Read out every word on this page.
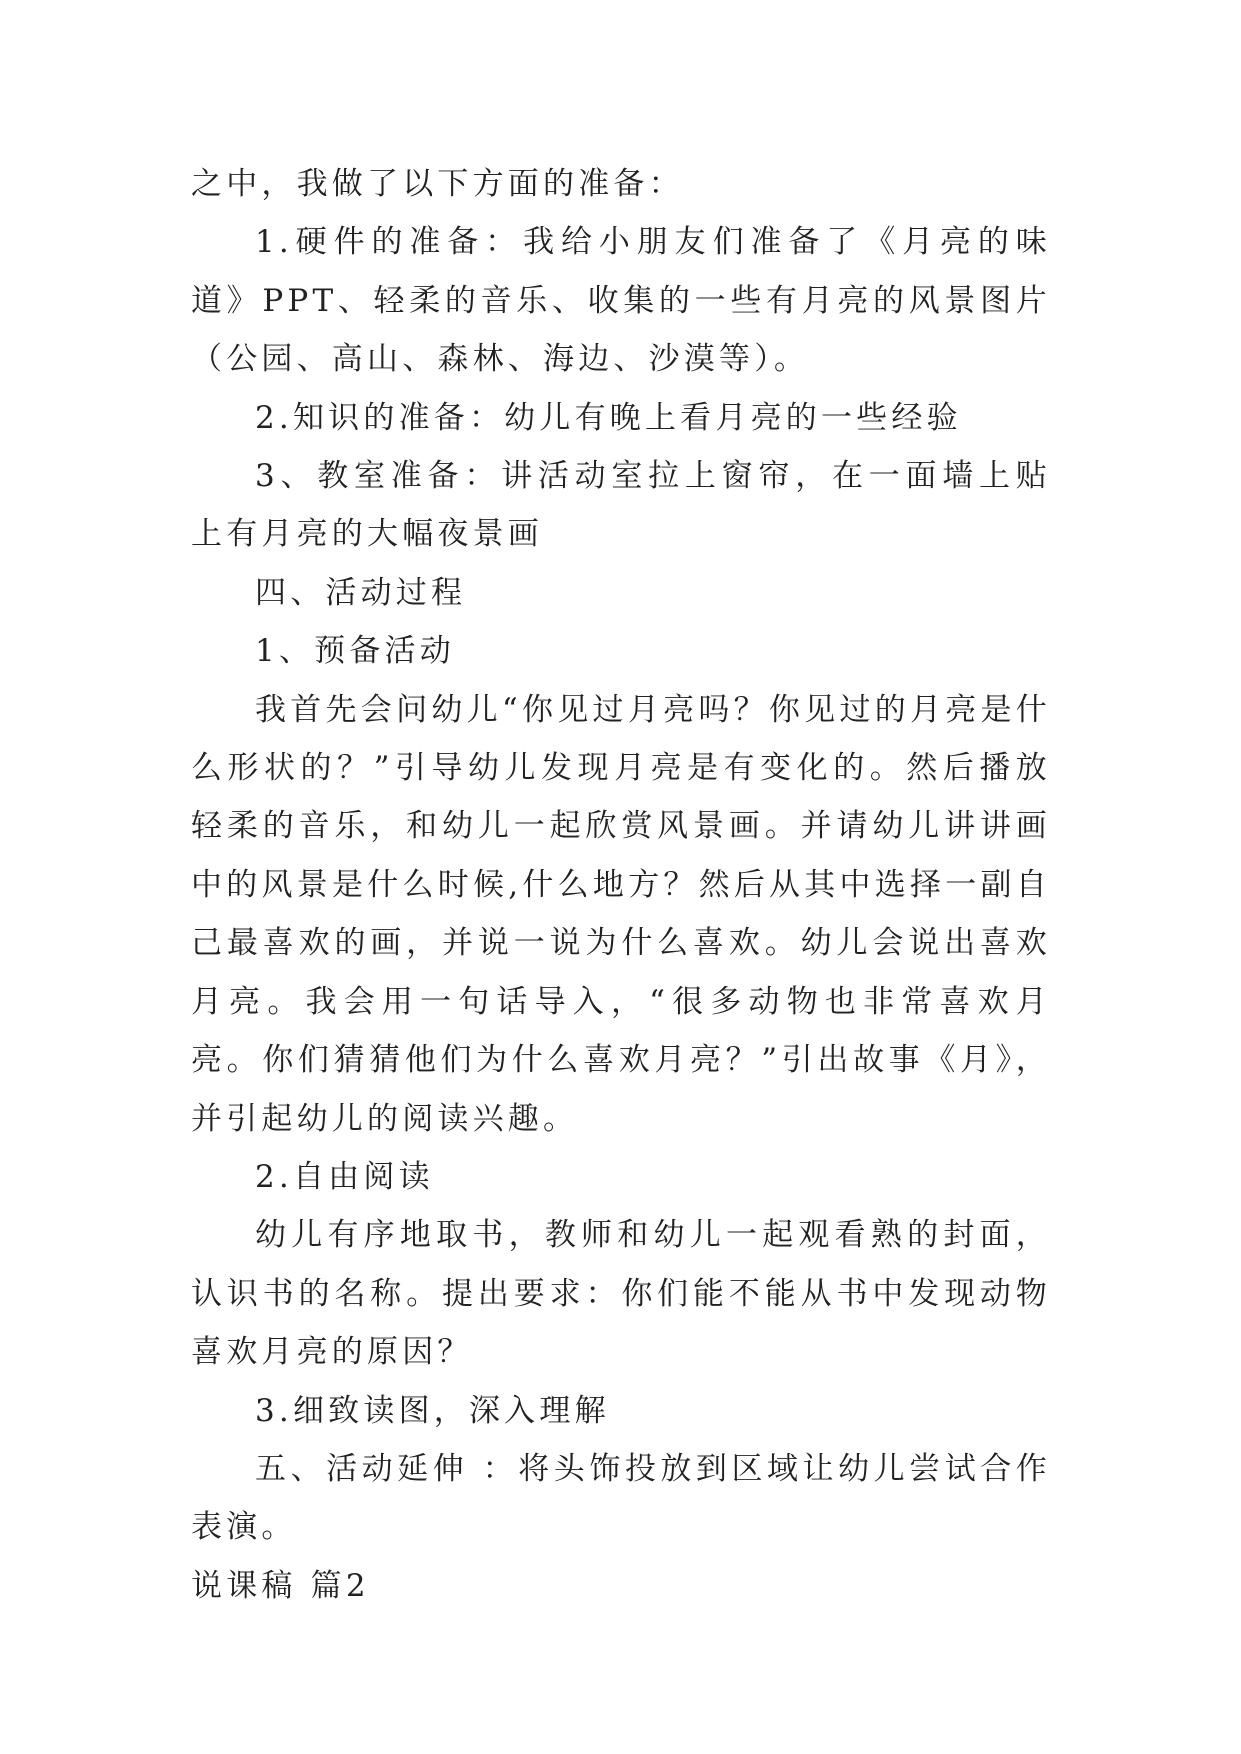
之中，我做了以下方面的准备：

1.硬件的准备：我给小朋友们准备了《月亮的味道》PPT、轻柔的音乐、收集的一些有月亮的风景图片（公园、高山、森林、海边、沙漠等）。

2.知识的准备：幼儿有晚上看月亮的一些经验

3、教室准备：讲活动室拉上窗帘，在一面墙上贴上有月亮的大幅夜景画

四、活动过程

1、预备活动

我首先会问幼儿“你见过月亮吗？你见过的月亮是什么形状的？”引导幼儿发现月亮是有变化的。然后播放轻柔的音乐，和幼儿一起欣赏风景画。并请幼儿讲讲画中的风景是什么时候,什么地方？然后从其中选择一副自己最喜欢的画，并说一说为什么喜欢。幼儿会说出喜欢月亮。我会用一句话导入，“很多动物也非常喜欢月亮。你们猜猜他们为什么喜欢月亮？”引出故事《月》，并引起幼儿的阅读兴趣。

2.自由阅读

幼儿有序地取书，教师和幼儿一起观看熟的封面，认识书的名称。提出要求：你们能不能从书中发现动物喜欢月亮的原因？

3.细致读图，深入理解

五、活动延伸 ：将头饰投放到区域让幼儿尝试合作表演。

说课稿 篇2
